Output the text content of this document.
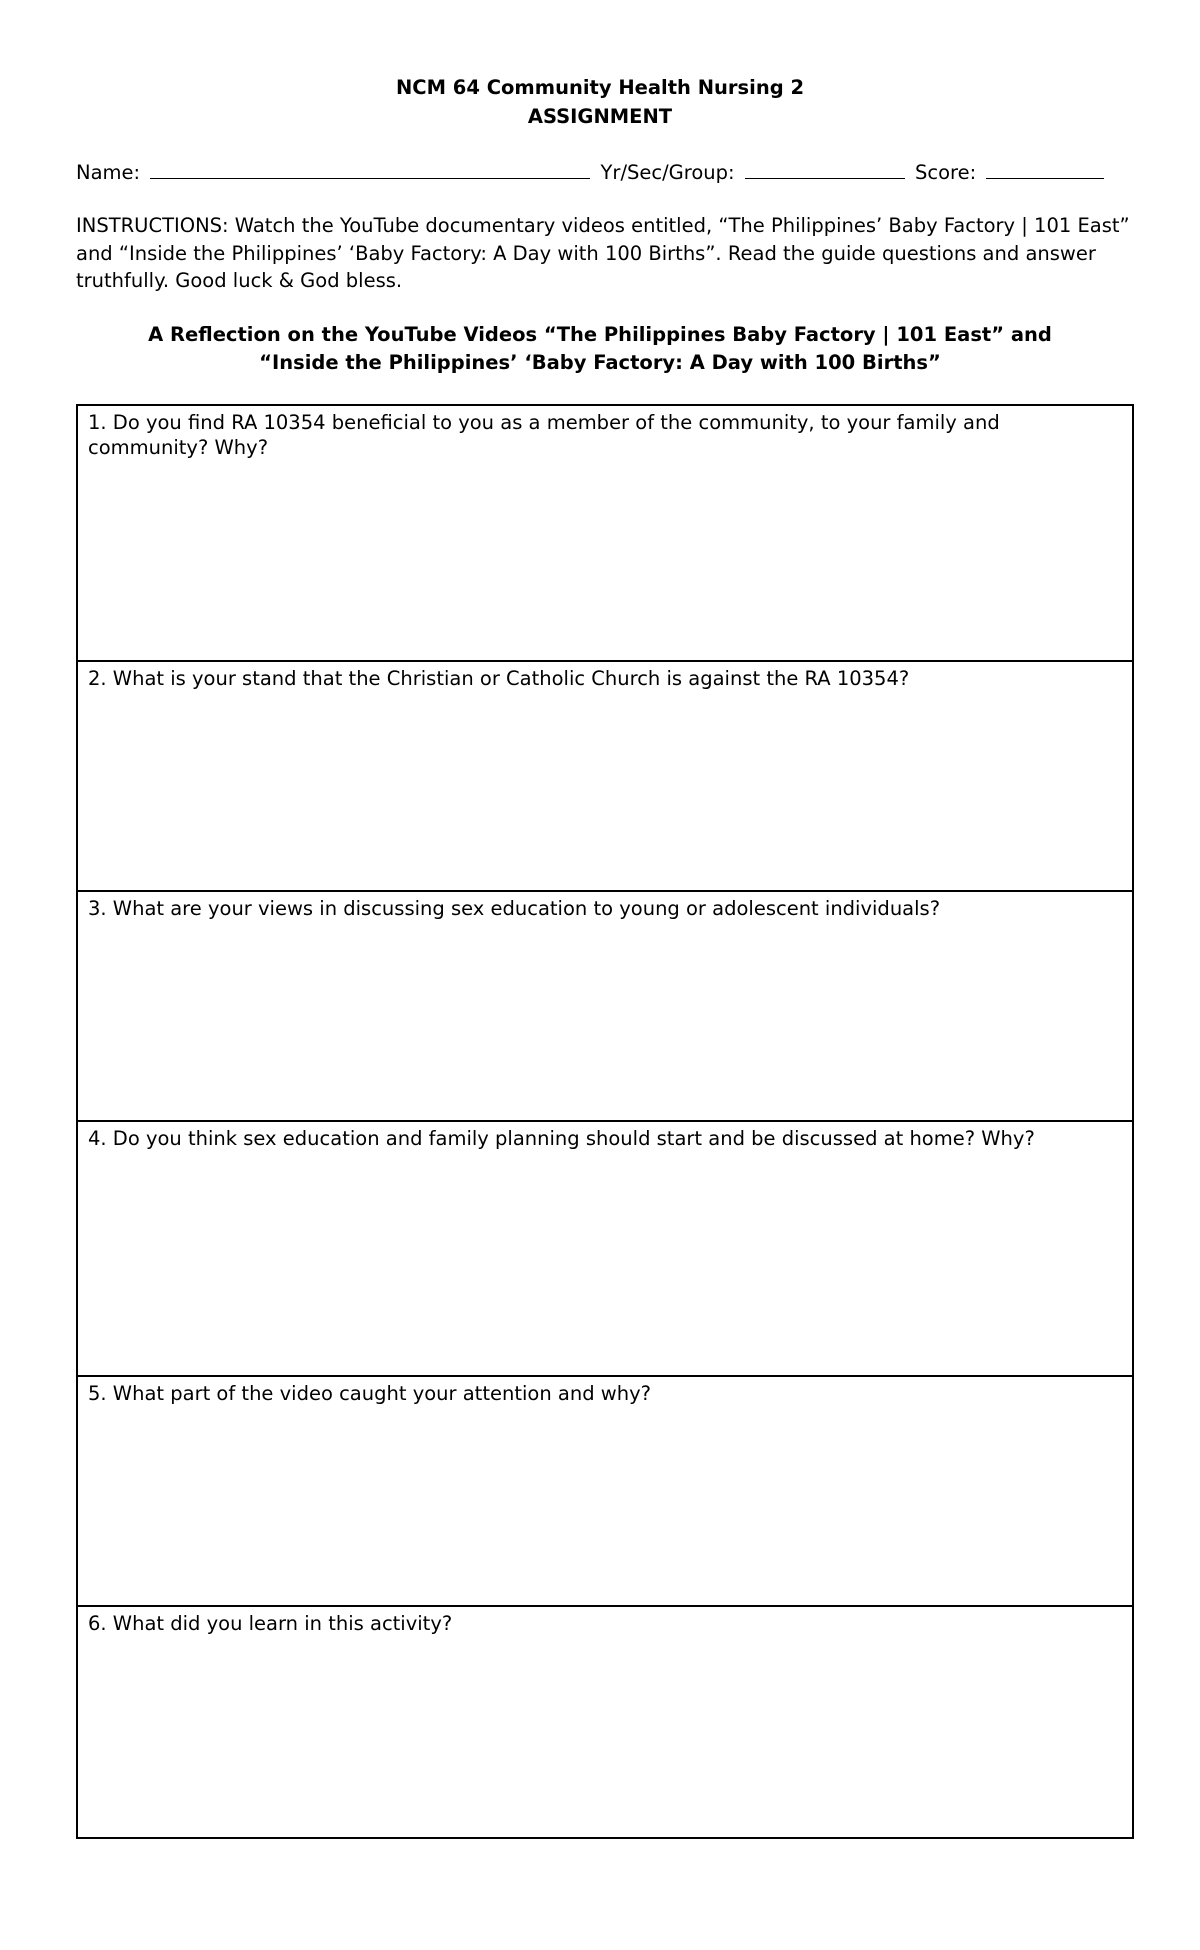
NCM 64 Community Health Nursing 2
ASSIGNMENT
Name:	Yr/Sec/Group:	Score:
INSTRUCTIONS: Watch the YouTube documentary videos entitled, “The Philippines’ Baby Factory | 101 East” and “Inside the Philippines’ ‘Baby Factory: A Day with 100 Births”. Read the guide questions and answer truthfully. Good luck & God bless.
A Reflection on the YouTube Videos “The Philippines Baby Factory | 101 East” and
“Inside the Philippines’ ‘Baby Factory: A Day with 100 Births”
1. Do you find RA 10354 beneficial to you as a member of the community, to your family and community? Why?
2. What is your stand that the Christian or Catholic Church is against the RA 10354?
3. What are your views in discussing sex education to young or adolescent individuals?
4. Do you think sex education and family planning should start and be discussed at home? Why?
5. What part of the video caught your attention and why?
6. What did you learn in this activity?
